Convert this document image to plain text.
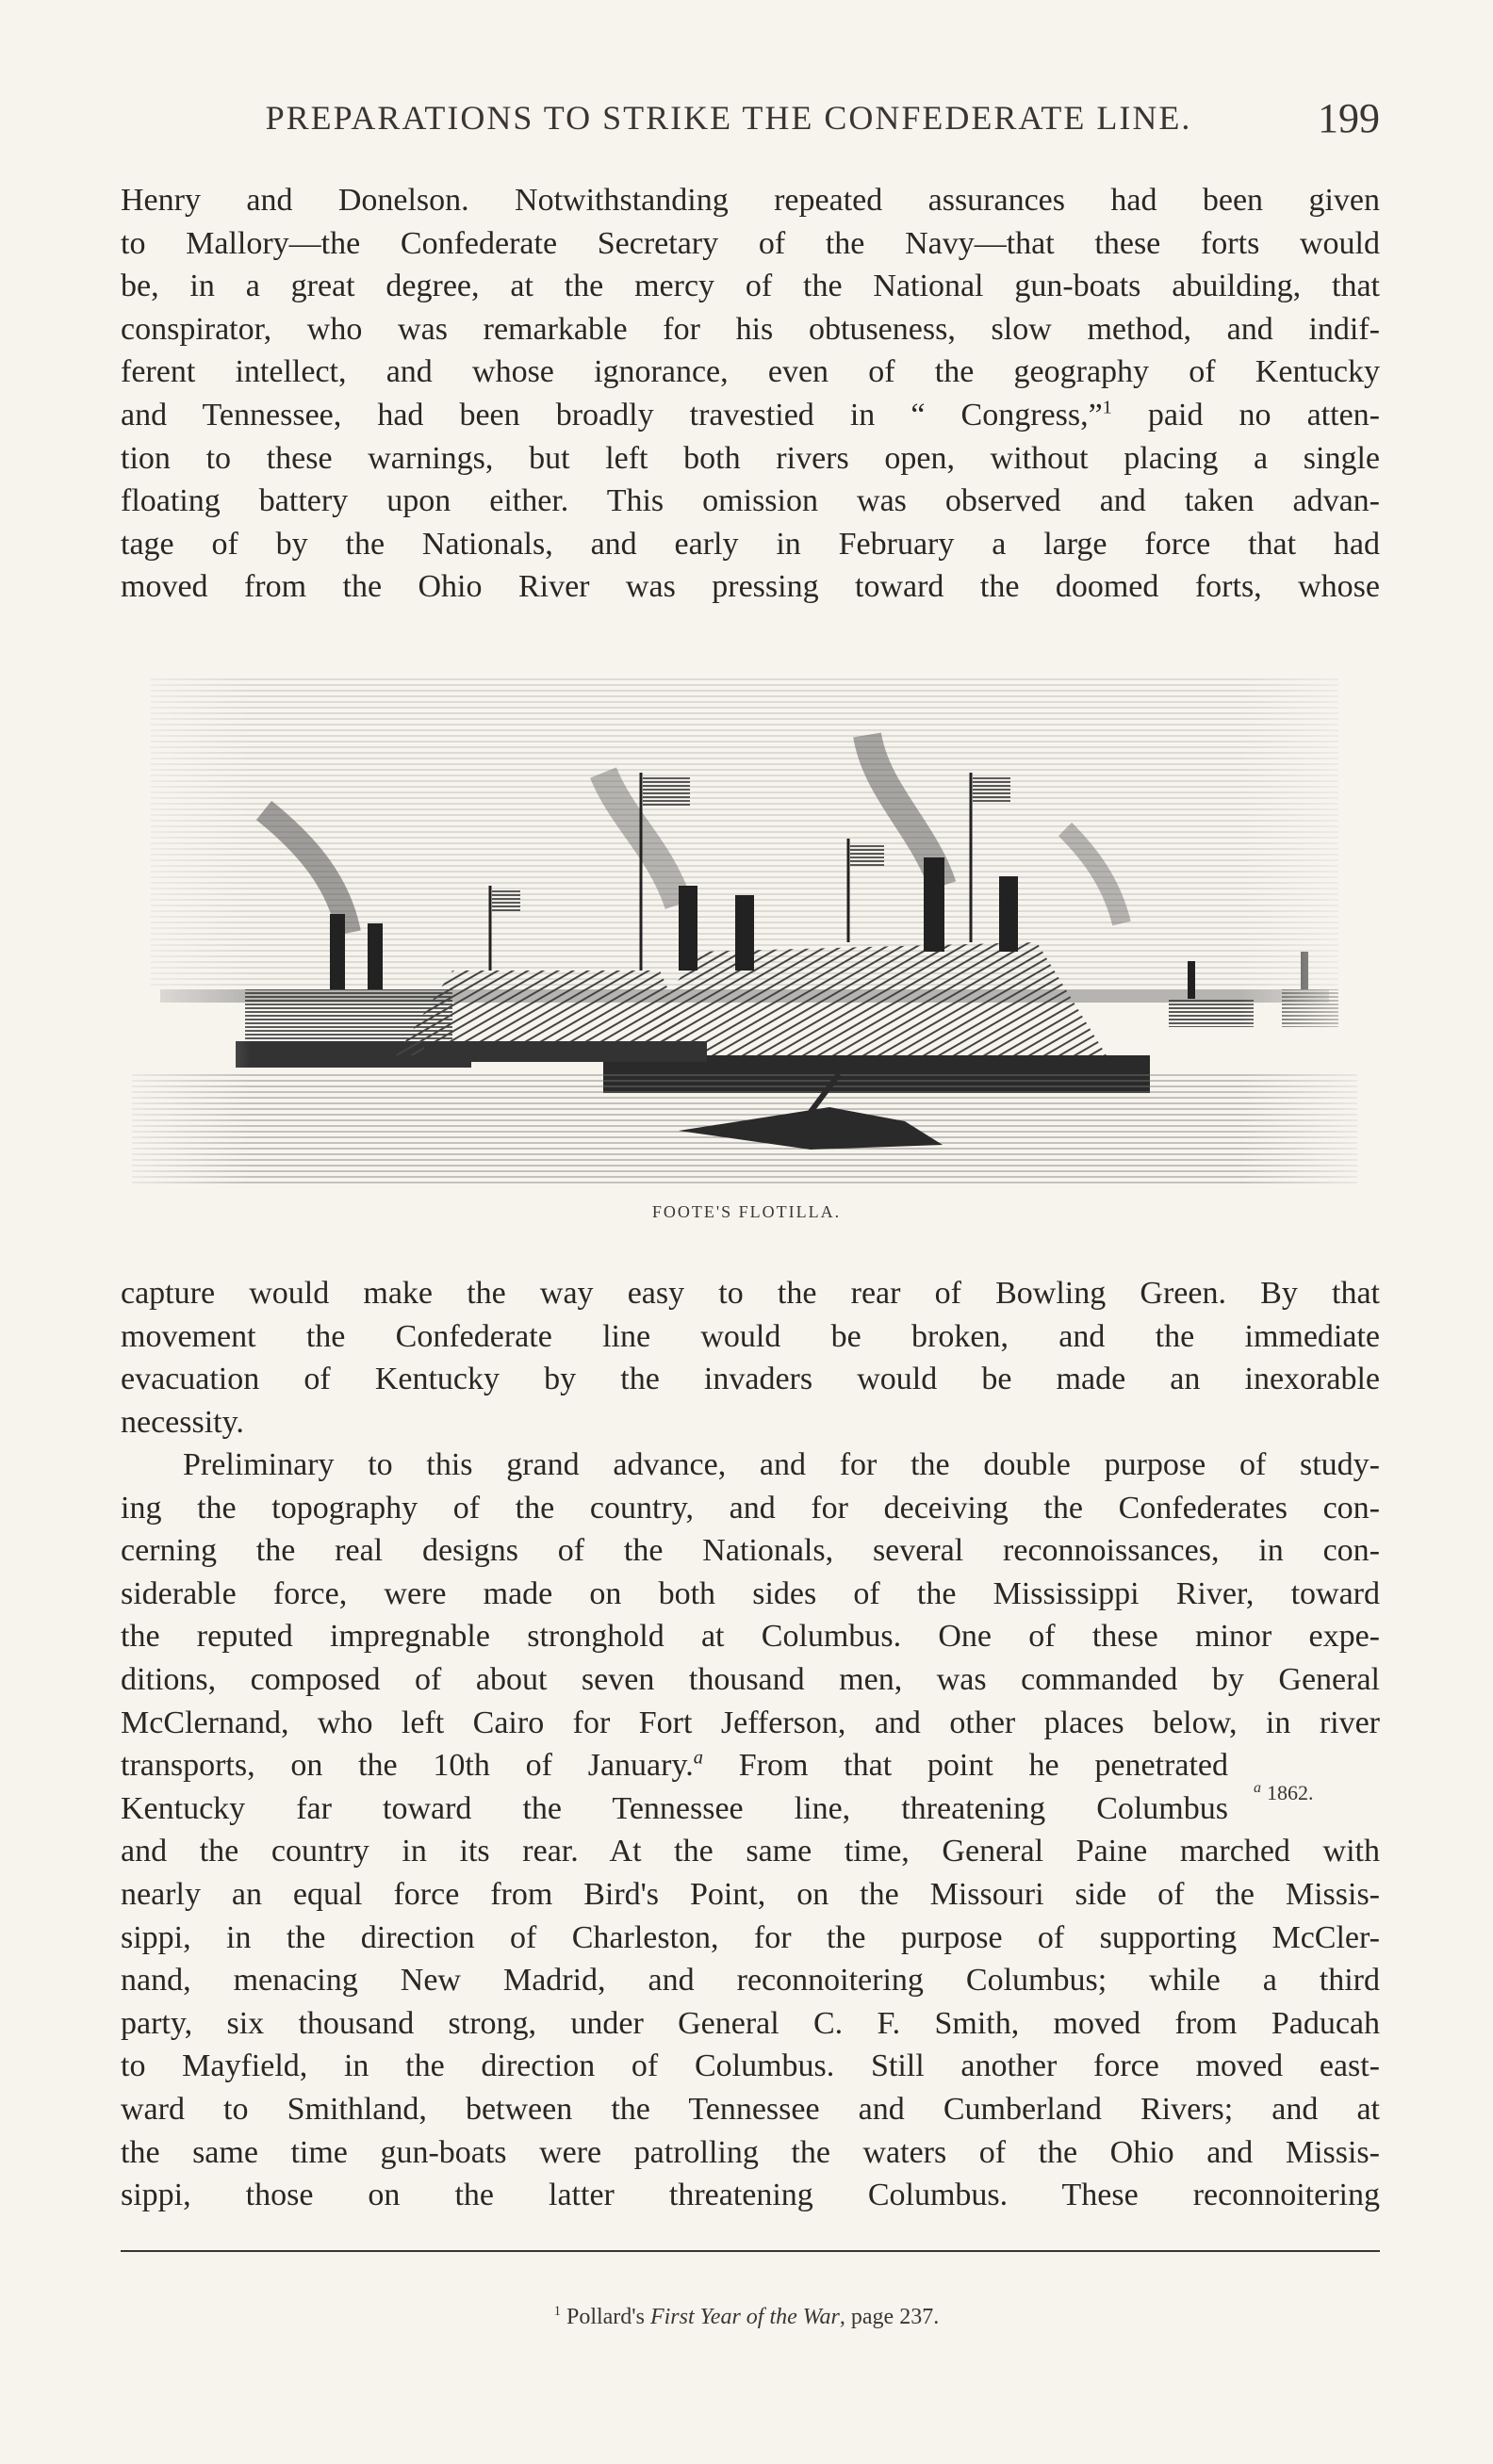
PREPARATIONS TO STRIKE THE CONFEDERATE LINE.	199
Henry and Donelson. Notwithstanding repeated assurances had been given
to Mallory—the Confederate Secretary of the Navy—that these forts would
be, in a great degree, at the mercy of the National gun-boats abuilding, that
conspirator, who was remarkable for his obtuseness, slow method, and indif-
ferent intellect, and whose ignorance, even of the geography of Kentucky
and Tennessee, had been broadly travestied in “ Congress,”$^1$ paid no atten-
tion to these warnings, but left both rivers open, without placing a single
floating battery upon either. This omission was observed and taken advan-
tage of by the Nationals, and early in February a large force that had
moved from the Ohio River was pressing toward the doomed forts, whose
FOOTE'S FLOTILLA.
capture would make the way easy to the rear of Bowling Green. By that
movement the Confederate line would be broken, and the immediate
evacuation of Kentucky by the invaders would be made an inexorable
necessity.
Preliminary to this grand advance, and for the double purpose of study-
ing the topography of the country, and for deceiving the Confederates con-
cerning the real designs of the Nationals, several reconnoissances, in con-
siderable force, were made on both sides of the Mississippi River, toward
the reputed impregnable stronghold at Columbus. One of these minor expe-
ditions, composed of about seven thousand men, was commanded by General
McClernand, who left Cairo for Fort Jefferson, and other places below, in river
transports, on the 10th of January.$^a$ From that point he penetrated
Kentucky far toward the Tennessee line, threatening Columbus
and the country in its rear. At the same time, General Paine marched with
nearly an equal force from Bird's Point, on the Missouri side of the Missis-
sippi, in the direction of Charleston, for the purpose of supporting McCler-
nand, menacing New Madrid, and reconnoitering Columbus; while a third
party, six thousand strong, under General C. F. Smith, moved from Paducah
to Mayfield, in the direction of Columbus. Still another force moved east-
ward to Smithland, between the Tennessee and Cumberland Rivers; and at
the same time gun-boats were patrolling the waters of the Ohio and Missis-
sippi, those on the latter threatening Columbus. These reconnoitering
$^a$ 1862.
$^1$ Pollard's First Year of the War, page 237.
